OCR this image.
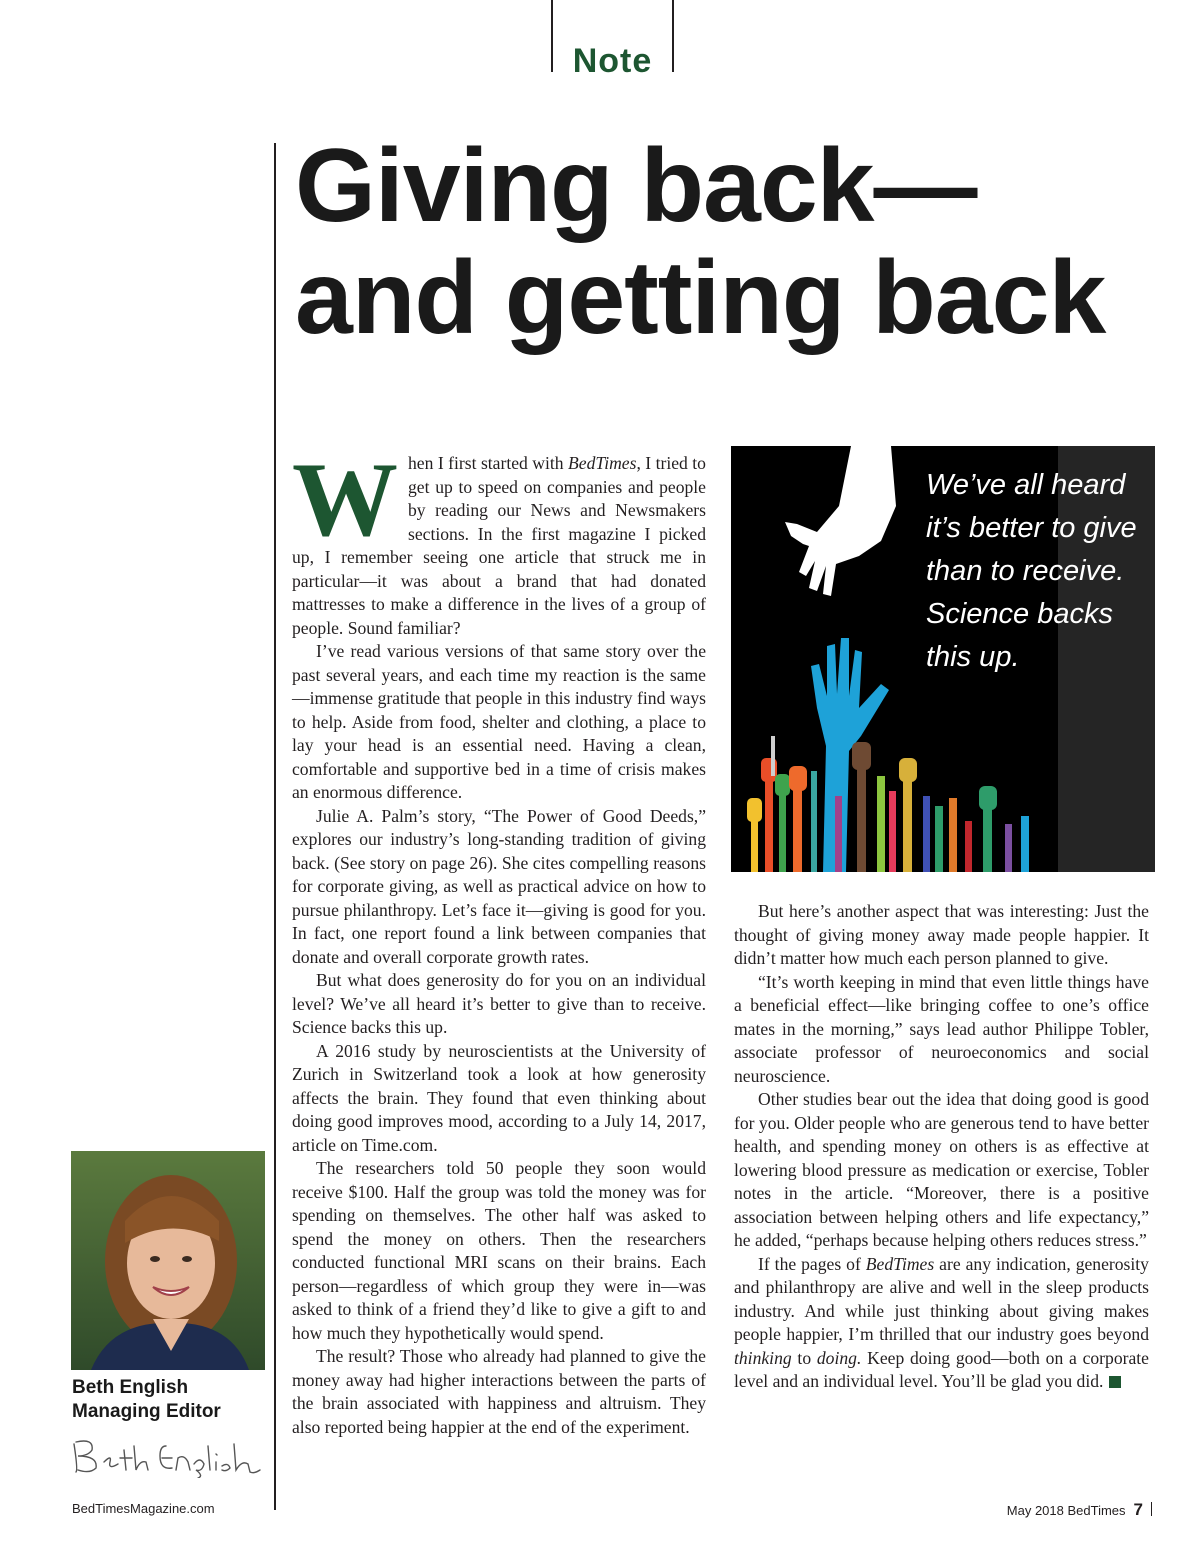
Note
Giving back—
and getting back

When I first started with BedTimes, I tried to get up to speed on companies and people by reading our News and Newsmakers sections. In the first magazine I picked up, I remember seeing one article that struck me in particular—it was about a brand that had donated mattresses to make a difference in the lives of a group of people. Sound familiar?

I’ve read various versions of that same story over the past several years, and each time my reaction is the same—immense gratitude that people in this industry find ways to help. Aside from food, shelter and clothing, a place to lay your head is an essential need. Having a clean, comfortable and supportive bed in a time of crisis makes an enormous difference.

Julie A. Palm’s story, “The Power of Good Deeds,” explores our industry’s long-standing tradition of giving back. (See story on page 26). She cites compelling reasons for corporate giving, as well as practical advice on how to pursue philanthropy. Let’s face it—giving is good for you. In fact, one report found a link between companies that donate and overall corporate growth rates.

But what does generosity do for you on an individual level? We’ve all heard it’s better to give than to receive. Science backs this up.

A 2016 study by neuroscientists at the University of Zurich in Switzerland took a look at how generosity affects the brain. They found that even thinking about doing good improves mood, according to a July 14, 2017, article on Time.com.

The researchers told 50 people they soon would receive $100. Half the group was told the money was for spending on themselves. The other half was asked to spend the money on others. Then the researchers conducted functional MRI scans on their brains. Each person—regardless of which group they were in—was asked to think of a friend they’d like to give a gift to and how much they hypothetically would spend.

The result? Those who already had planned to give the money away had higher interactions between the parts of the brain associated with happiness and altruism. They also reported being happier at the end of the experiment.

We’ve all heard it’s better to give than to receive. Science backs this up.

But here’s another aspect that was interesting: Just the thought of giving money away made people happier. It didn’t matter how much each person planned to give.

“It’s worth keeping in mind that even little things have a beneficial effect—like bringing coffee to one’s office mates in the morning,” says lead author Philippe Tobler, associate professor of neuroeconomics and social neuroscience.

Other studies bear out the idea that doing good is good for you. Older people who are generous tend to have better health, and spending money on others is as effective at lowering blood pressure as medication or exercise, Tobler notes in the article. “Moreover, there is a positive association between helping others and life expectancy,” he added, “perhaps because helping others reduces stress.”

If the pages of BedTimes are any indication, generosity and philanthropy are alive and well in the sleep products industry. And while just thinking about giving makes people happier, I’m thrilled that our industry goes beyond thinking to doing. Keep doing good—both on a corporate level and an individual level. You’ll be glad you did.

Beth English
Managing Editor
BedTimesMagazine.com	May 2018 BedTimes 7
